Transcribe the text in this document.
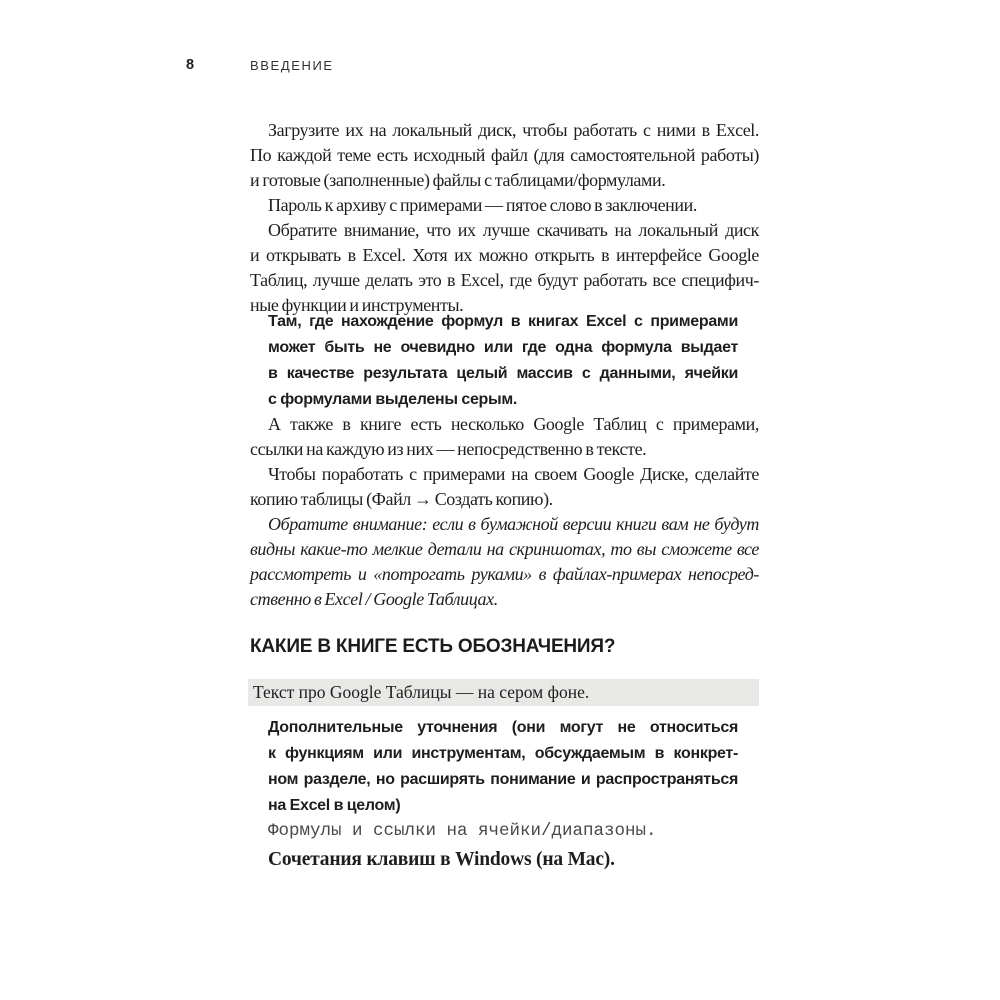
8	ВВЕДЕНИЕ
Загрузите их на локальный диск, чтобы работать с ними в Excel.
По каждой теме есть исходный файл (для самостоятельной работы)
и готовые (заполненные) файлы с таблицами/формулами.
Пароль к архиву с примерами — пятое слово в заключении.
Обратите внимание, что их лучше скачивать на локальный диск
и открывать в Excel. Хотя их можно открыть в интерфейсе Google
Таблиц, лучше делать это в Excel, где будут работать все специфич-
ные функции и инструменты.
Там, где нахождение формул в книгах Excel с примерами
может быть не очевидно или где одна формула выдает
в качестве результата целый массив с данными, ячейки
с формулами выделены серым.
А также в книге есть несколько Google Таблиц с примерами,
ссылки на каждую из них — непосредственно в тексте.
Чтобы поработать с примерами на своем Google Диске, сделайте
копию таблицы (Файл → Создать копию).
Обратите внимание: если в бумажной версии книги вам не будут
видны какие-то мелкие детали на скриншотах, то вы сможете все
рассмотреть и «потрогать руками» в файлах-примерах непосред-
ственно в Excel / Google Таблицах.
КАКИЕ В КНИГЕ ЕСТЬ ОБОЗНАЧЕНИЯ?
Текст про Google Таблицы — на сером фоне.
Дополнительные уточнения (они могут не относиться
к функциям или инструментам, обсуждаемым в конкрет-
ном разделе, но расширять понимание и распространяться
на Excel в целом)
Формулы и ссылки на ячейки/диапазоны.
Сочетания клавиш в Windows (на Mac).
